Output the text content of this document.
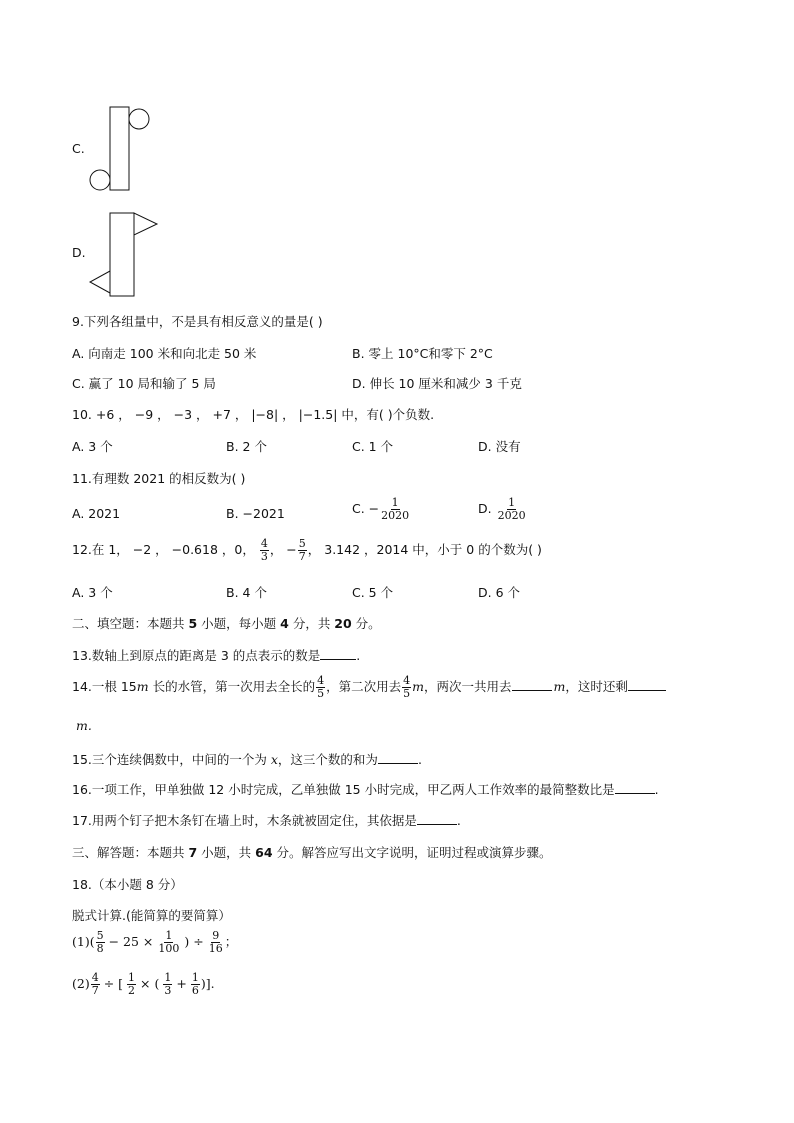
C.
D.
9.下列各组量中，不是具有相反意义的量是( )
A. 向南走 100 米和向北走 50 米	B. 零上 10°C和零下 2°C
C. 赢了 10 局和输了 5 局	D. 伸长 10 厘米和减少 3 千克
10. +6 ， −9 ， −3 ， +7 ， |−8| ， |−1.5| 中，有( )个负数.
A. 3 个	B. 2 个	C. 1 个	D. 没有
11.有理数 2021 的相反数为( )
A. 2021	B. −2021	C. − $\frac{1}{2020}$	D. $\frac{1}{2020}$
12.在 1， −2 ， −0.618 ，0， $\frac{4}{3}$ ， − $\frac{5}{7}$ ， 3.142 ，2014 中，小于 0 的个数为( )
A. 3 个	B. 4 个	C. 5 个	D. 6 个
二、填空题：本题共 5 小题，每小题 4 分，共 20 分。
13.数轴上到原点的距离是 3 的点表示的数是	.
14.一根 15m 长的水管，第一次用去全长的 $\frac{4}{5}$ ，第二次用去 $\frac{4}{5}$ m，两次一共用去	m，这时还剩
m.
15.三个连续偶数中，中间的一个为 x，这三个数的和为	.
16.一项工作，甲单独做 12 小时完成，乙单独做 15 小时完成，甲乙两人工作效率的最简整数比是	.
17.用两个钉子把木条钉在墙上时，木条就被固定住，其依据是	.
三、解答题：本题共 7 小题，共 64 分。解答应写出文字说明，证明过程或演算步骤。
18.（本小题 8 分）
脱式计算.(能简算的要简算）
$(1)( \frac{5}{8} - 25 \times \frac{1}{100}$ ) ÷ $\frac{9}{16}$ ；
$(2) \frac{4}{7}$ ÷ [ $\frac{1}{2}$ × ( $\frac{1}{3} + \frac{1}{6}$ )].
